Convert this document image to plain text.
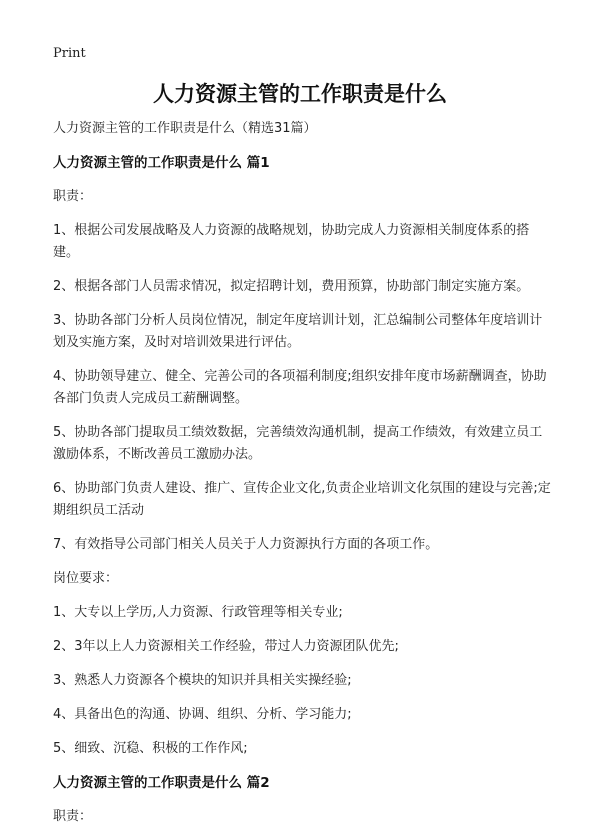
Print
人力资源主管的工作职责是什么

人力资源主管的工作职责是什么（精选31篇）

人力资源主管的工作职责是什么 篇1

职责：

1、根据公司发展战略及人力资源的战略规划，协助完成人力资源相关制度体系的搭建。

2、根据各部门人员需求情况，拟定招聘计划，费用预算，协助部门制定实施方案。

3、协助各部门分析人员岗位情况，制定年度培训计划，汇总编制公司整体年度培训计划及实施方案，及时对培训效果进行评估。

4、协助领导建立、健全、完善公司的各项福利制度;组织安排年度市场薪酬调查，协助各部门负责人完成员工薪酬调整。

5、协助各部门提取员工绩效数据，完善绩效沟通机制，提高工作绩效，有效建立员工激励体系，不断改善员工激励办法。

6、协助部门负责人建设、推广、宣传企业文化,负责企业培训文化氛围的建设与完善;定期组织员工活动

7、有效指导公司部门相关人员关于人力资源执行方面的各项工作。

岗位要求：

1、大专以上学历,人力资源、行政管理等相关专业;

2、3年以上人力资源相关工作经验，带过人力资源团队优先;

3、熟悉人力资源各个模块的知识并具相关实操经验;

4、具备出色的沟通、协调、组织、分析、学习能力;

5、细致、沉稳、积极的工作作风;

人力资源主管的工作职责是什么 篇2

职责：
